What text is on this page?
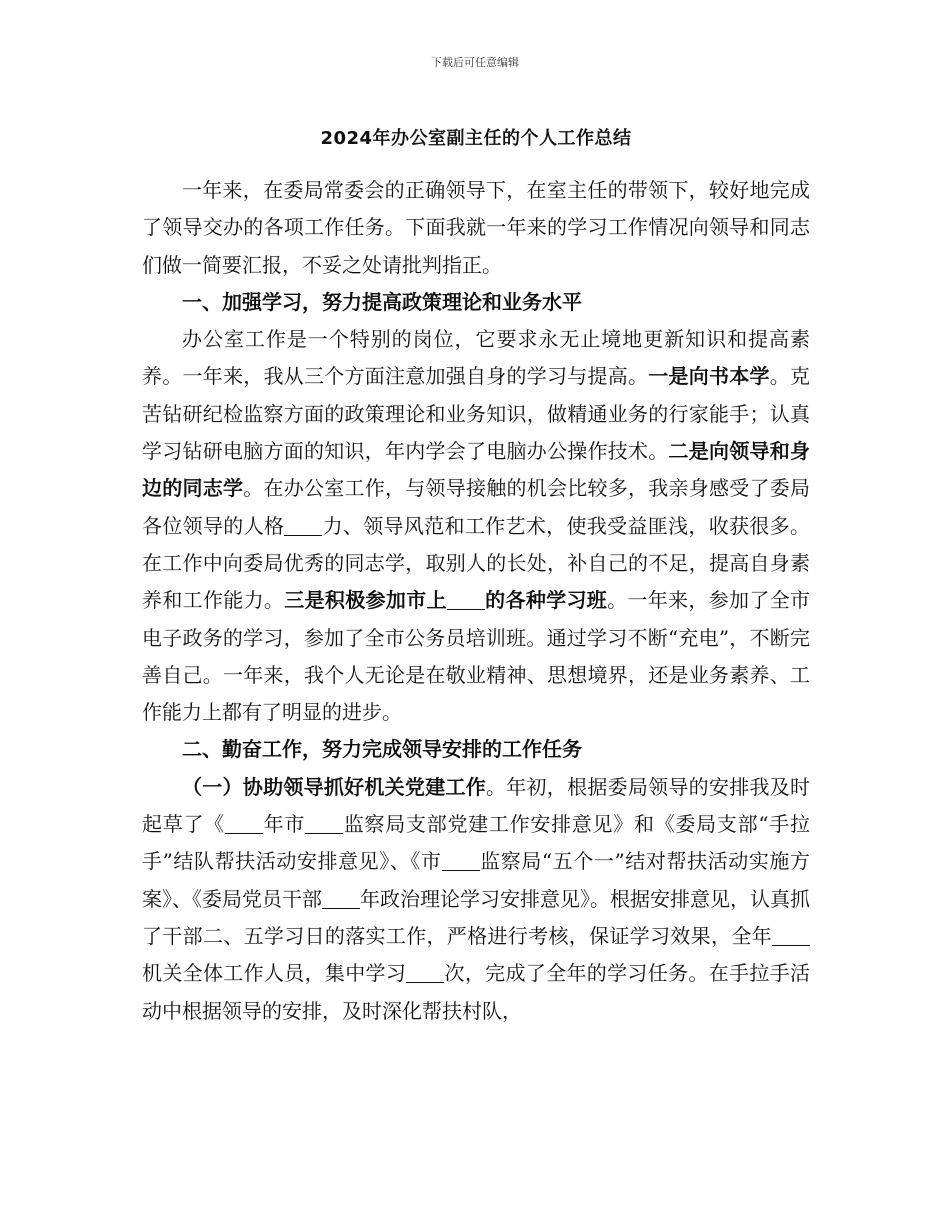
下载后可任意编辑
2024年办公室副主任的个人工作总结

一年来，在委局常委会的正确领导下，在室主任的带领下，较好地完成了领导交办的各项工作任务。下面我就一年来的学习工作情况向领导和同志们做一简要汇报，不妥之处请批判指正。

一、加强学习，努力提高政策理论和业务水平

办公室工作是一个特别的岗位，它要求永无止境地更新知识和提高素养。一年来，我从三个方面注意加强自身的学习与提高。一是向书本学。克苦钻研纪检监察方面的政策理论和业务知识，做精通业务的行家能手；认真学习钻研电脑方面的知识，年内学会了电脑办公操作技术。二是向领导和身边的同志学。在办公室工作，与领导接触的机会比较多，我亲身感受了委局各位领导的人格 力、领导风范和工作艺术，使我受益匪浅，收获很多。在工作中向委局优秀的同志学，取别人的长处，补自己的不足，提高自身素养和工作能力。三是积极参加市上 的各种学习班。一年来，参加了全市电子政务的学习，参加了全市公务员培训班。通过学习不断“充电”，不断完善自己。一年来，我个人无论是在敬业精神、思想境界，还是业务素养、工作能力上都有了明显的进步。

二、勤奋工作，努力完成领导安排的工作任务

（一）协助领导抓好机关党建工作。年初，根据委局领导的安排我及时起草了《 年市 监察局支部党建工作安排意见》和《委局支部“手拉手”结队帮扶活动安排意见》、《市 监察局“五个一”结对帮扶活动实施方案》、《委局党员干部 年政治理论学习安排意见》。根据安排意见，认真抓了干部二、五学习日的落实工作，严格进行考核，保证学习效果，全年机关全体工作人员，集中学习 次，完成了全年的学习任务。在手拉手活动中根据领导的安排，及时深化帮扶村队，
